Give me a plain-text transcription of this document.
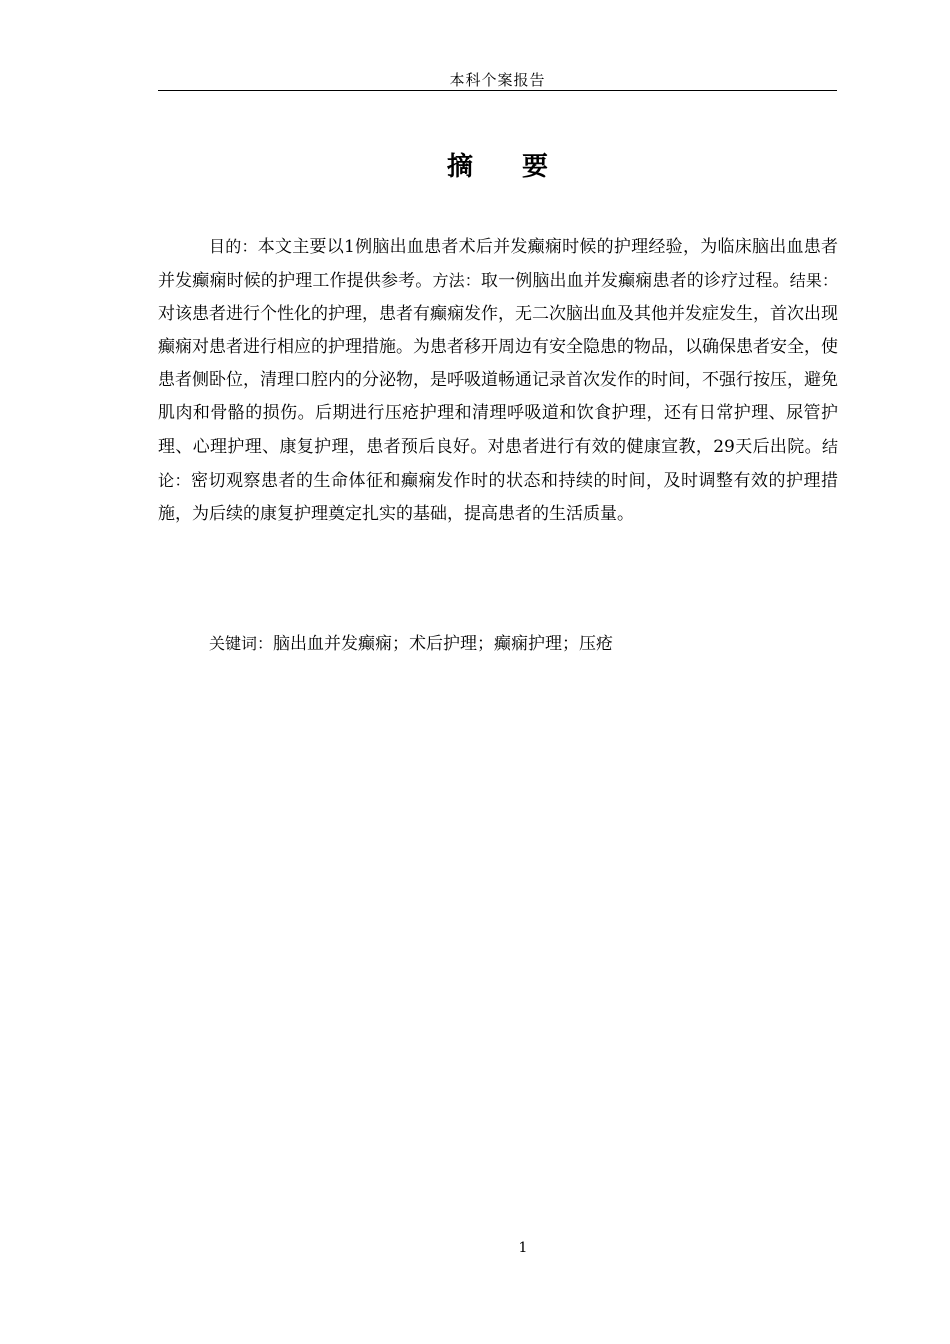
本科个案报告
摘 要

目的：本文主要以1例脑出血患者术后并发癫痫时候的护理经验，为临床脑出血患者并发癫痫时候的护理工作提供参考。方法：取一例脑出血并发癫痫患者的诊疗过程。结果：对该患者进行个性化的护理，患者有癫痫发作，无二次脑出血及其他并发症发生，首次出现癫痫对患者进行相应的护理措施。为患者移开周边有安全隐患的物品，以确保患者安全，使患者侧卧位，清理口腔内的分泌物，是呼吸道畅通记录首次发作的时间，不强行按压，避免肌肉和骨骼的损伤。后期进行压疮护理和清理呼吸道和饮食护理，还有日常护理、尿管护理、心理护理、康复护理，患者预后良好。对患者进行有效的健康宣教，29天后出院。结论：密切观察患者的生命体征和癫痫发作时的状态和持续的时间，及时调整有效的护理措施，为后续的康复护理奠定扎实的基础，提高患者的生活质量。

关键词：脑出血并发癫痫；术后护理；癫痫护理；压疮

1
